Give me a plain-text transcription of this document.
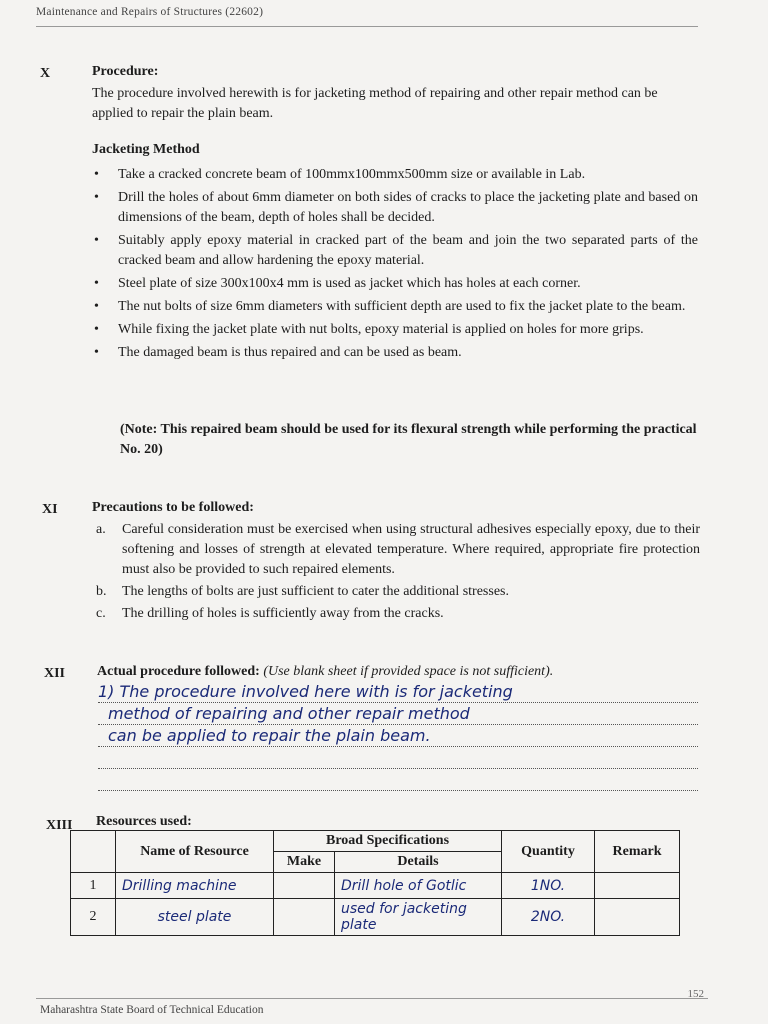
Maintenance and Repairs of Structures (22602)
X	Procedure:
The procedure involved herewith is for jacketing method of repairing and other repair method can be applied to repair the plain beam.
Jacketing Method
• Take a cracked concrete beam of 100mmx100mmx500mm size or available in Lab.
• Drill the holes of about 6mm diameter on both sides of cracks to place the jacketing plate and based on dimensions of the beam, depth of holes shall be decided.
• Suitably apply epoxy material in cracked part of the beam and join the two separated parts of the cracked beam and allow hardening the epoxy material.
• Steel plate of size 300x100x4 mm is used as jacket which has holes at each corner.
• The nut bolts of size 6mm diameters with sufficient depth are used to fix the jacket plate to the beam.
• While fixing the jacket plate with nut bolts, epoxy material is applied on holes for more grips.
• The damaged beam is thus repaired and can be used as beam.
(Note: This repaired beam should be used for its flexural strength while performing the practical No. 20)
XI Precautions to be followed:
a. Careful consideration must be exercised when using structural adhesives especially epoxy, due to their softening and losses of strength at elevated temperature. Where required, appropriate fire protection must also be provided to such repaired elements.
b. The lengths of bolts are just sufficient to cater the additional stresses.
c. The drilling of holes is sufficiently away from the cracks.
XII Actual procedure followed: (Use blank sheet if provided space is not sufficient).
1) The procedure involved here with is for jacketing
method of repairing and other repair method
can be applied to repair the plain beam.
XIII Resources used:
	Name of Resource	Broad Specifications		Quantity	Remark
		Make	Details		
1	Drilling machine		Drill hole of Gotlic	1NO.	
2	steel plate		used for jacketing plate	2NO.	
152
Maharashtra State Board of Technical Education
